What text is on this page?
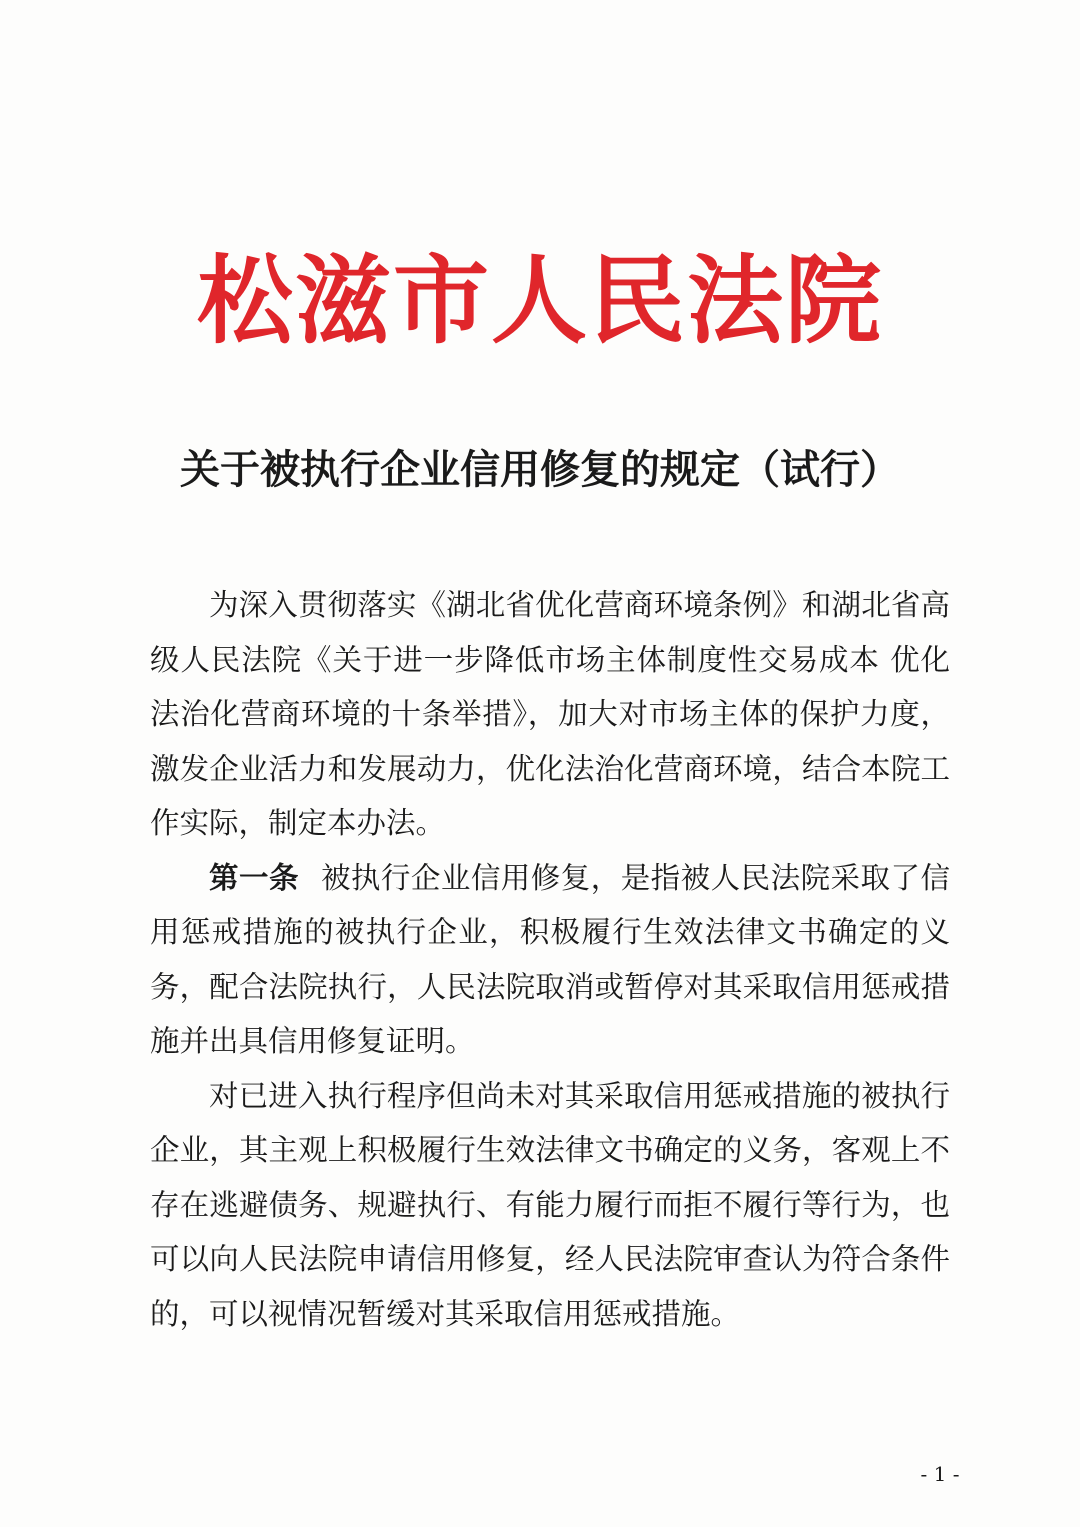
松滋市人民法院
关于被执行企业信用修复的规定（试行）

为深入贯彻落实《湖北省优化营商环境条例》和湖北省高级人民法院《关于进一步降低市场主体制度性交易成本 优化法治化营商环境的十条举措》，加大对市场主体的保护力度，激发企业活力和发展动力，优化法治化营商环境，结合本院工作实际，制定本办法。

第一条 被执行企业信用修复，是指被人民法院采取了信用惩戒措施的被执行企业，积极履行生效法律文书确定的义务，配合法院执行，人民法院取消或暂停对其采取信用惩戒措施并出具信用修复证明。

对已进入执行程序但尚未对其采取信用惩戒措施的被执行企业，其主观上积极履行生效法律文书确定的义务，客观上不存在逃避债务、规避执行、有能力履行而拒不履行等行为，也可以向人民法院申请信用修复，经人民法院审查认为符合条件的，可以视情况暂缓对其采取信用惩戒措施。

- 1 -
